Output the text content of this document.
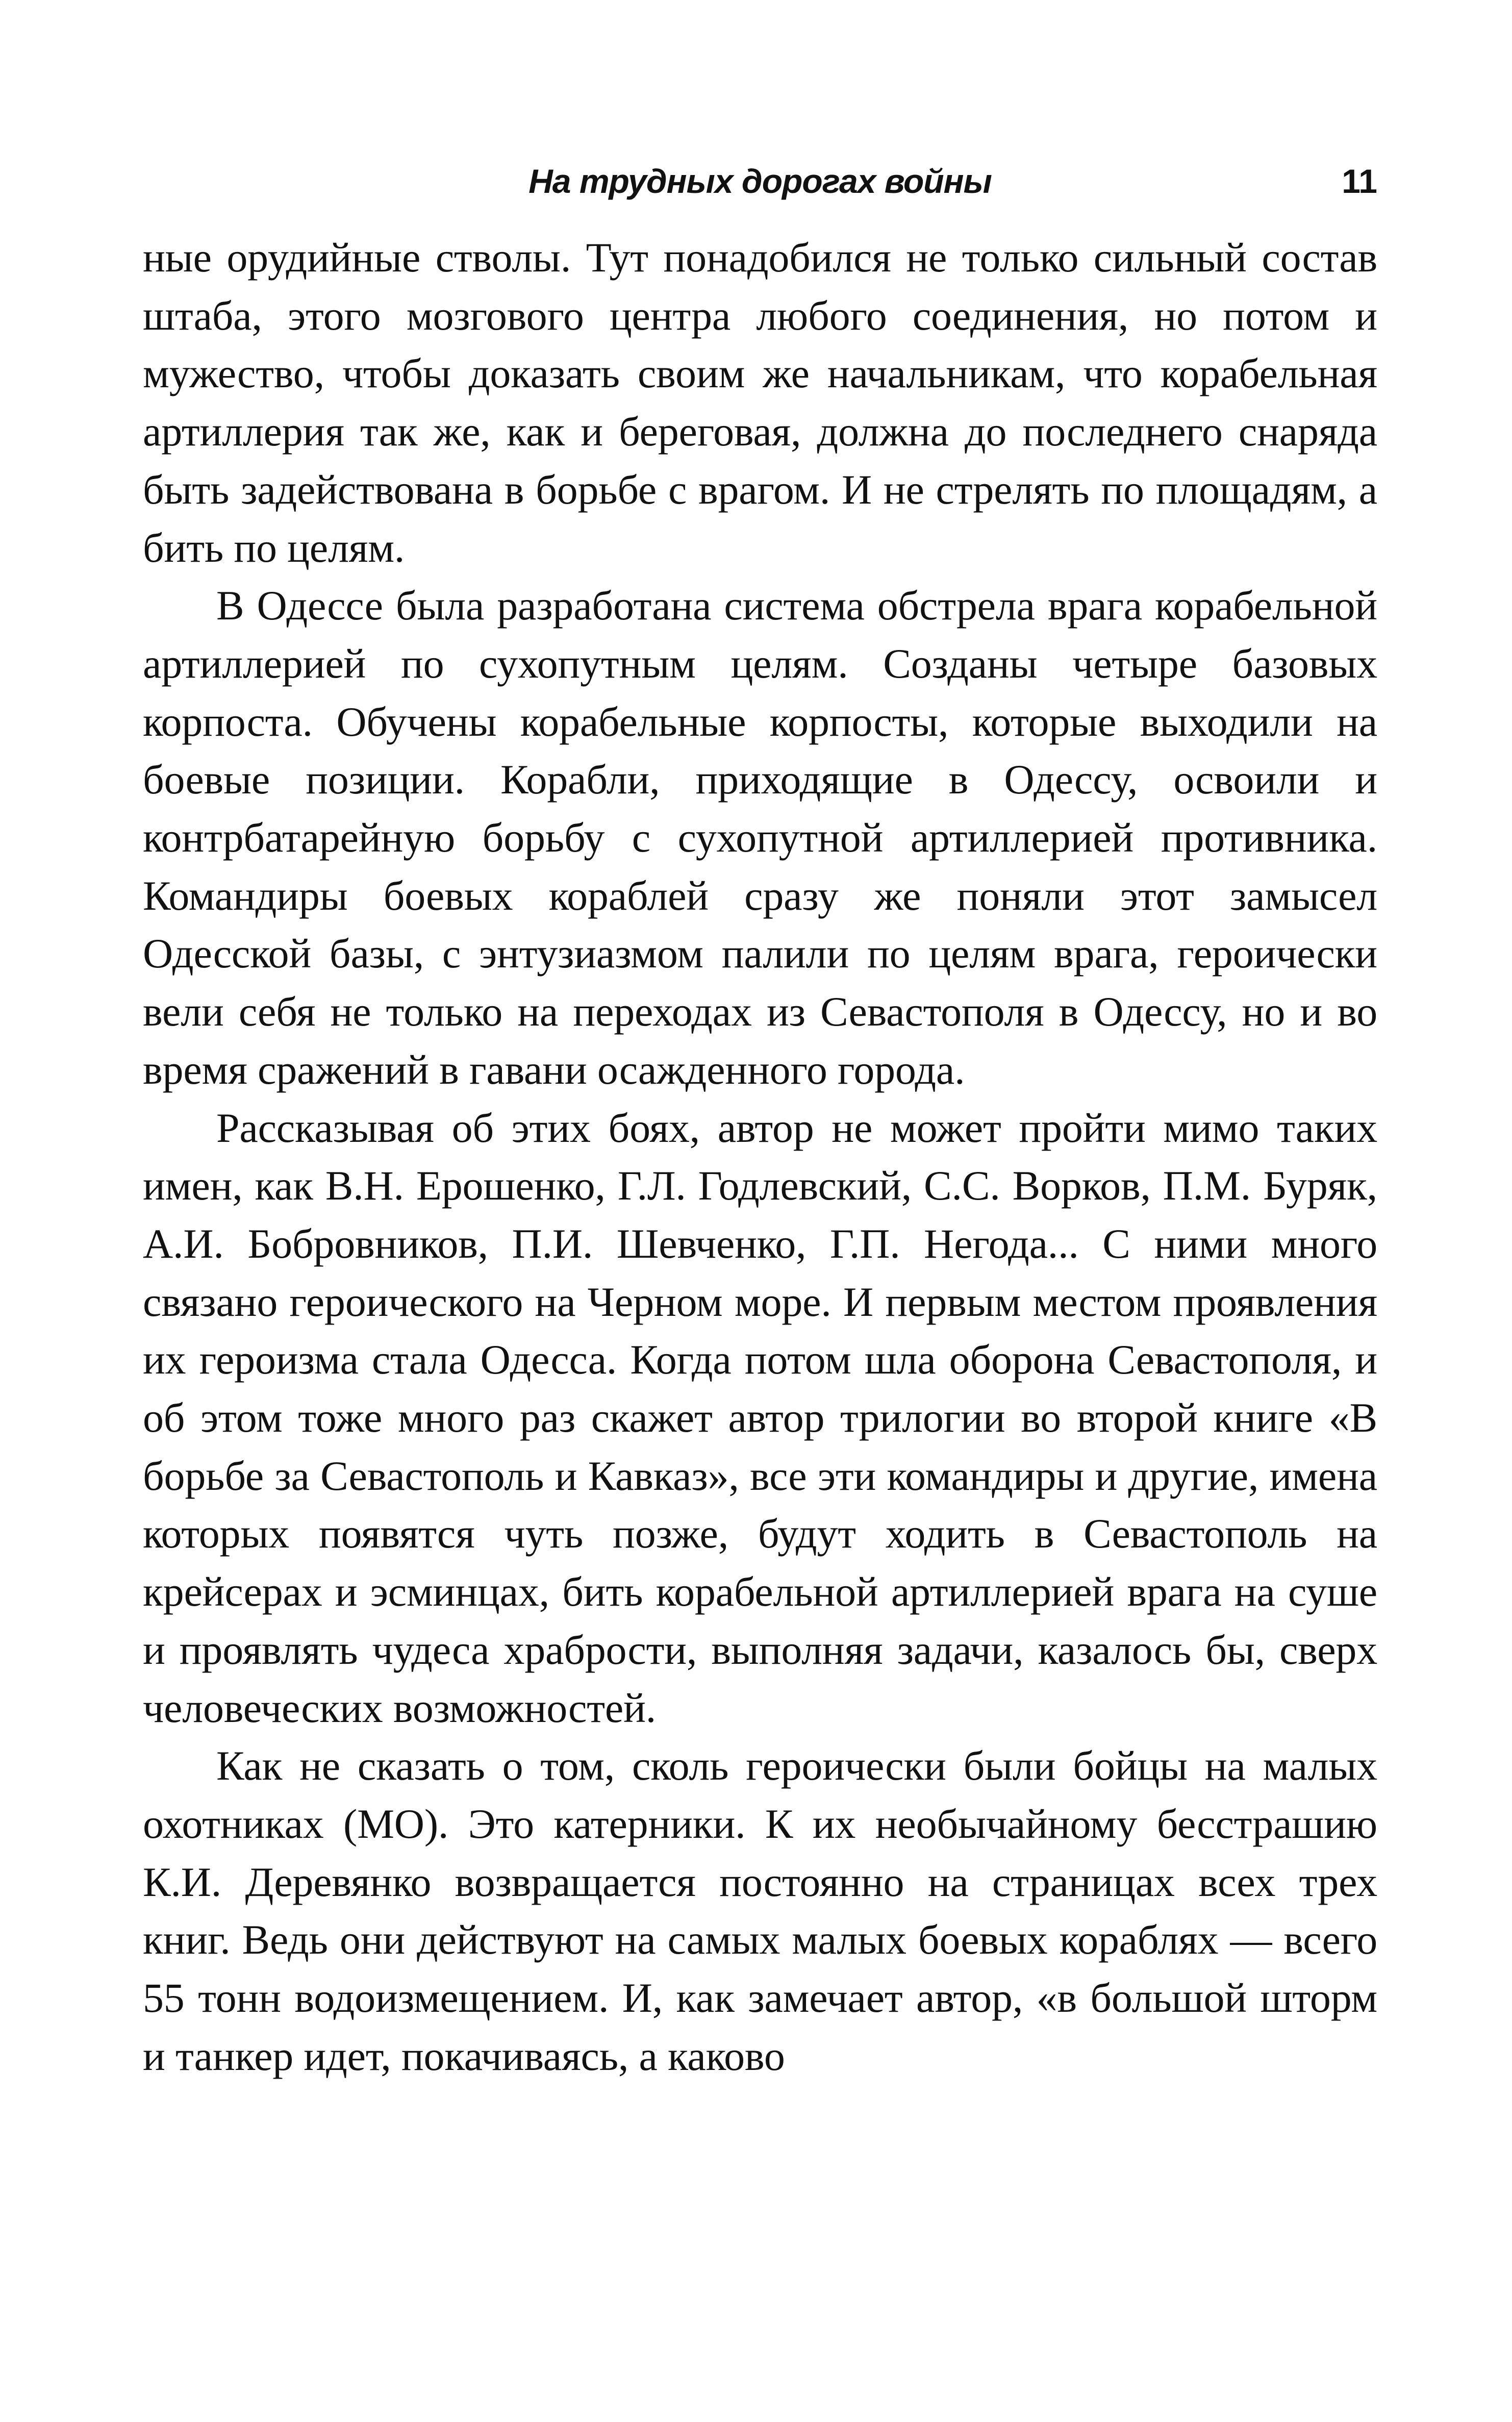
На трудных дорогах войны	11

ные орудийные стволы. Тут понадобился не только сильный состав штаба, этого мозгового центра любого соединения, но потом и мужество, чтобы доказать своим же начальникам, что корабельная артиллерия так же, как и береговая, должна до последнего снаряда быть задействована в борьбе с врагом. И не стрелять по площадям, а бить по целям.

В Одессе была разработана система обстрела врага корабельной артиллерией по сухопутным целям. Созданы четыре базовых корпоста. Обучены корабельные корпосты, которые выходили на боевые позиции. Корабли, приходящие в Одессу, освоили и контрбатарейную борьбу с сухопутной артиллерией противника. Командиры боевых кораблей сразу же поняли этот замысел Одесской базы, с энтузиазмом палили по целям врага, героически вели себя не только на переходах из Севастополя в Одессу, но и во время сражений в гавани осажденного города.

Рассказывая об этих боях, автор не может пройти мимо таких имен, как В.Н. Ерошенко, Г.Л. Годлевский, С.С. Ворков, П.М. Буряк, А.И. Бобровников, П.И. Шевченко, Г.П. Негода... С ними много связано героического на Черном море. И первым местом проявления их героизма стала Одесса. Когда потом шла оборона Севастополя, и об этом тоже много раз скажет автор трилогии во второй книге «В борьбе за Севастополь и Кавказ», все эти командиры и другие, имена которых появятся чуть позже, будут ходить в Севастополь на крейсерах и эсминцах, бить корабельной артиллерией врага на суше и проявлять чудеса храбрости, выполняя задачи, казалось бы, сверх человеческих возможностей.

Как не сказать о том, сколь героически были бойцы на малых охотниках (МО). Это катерники. К их необычайному бесстрашию К.И. Деревянко возвращается постоянно на страницах всех трех книг. Ведь они действуют на самых малых боевых кораблях — всего 55 тонн водоизмещением. И, как замечает автор, «в большой шторм и танкер идет, покачиваясь, а каково
